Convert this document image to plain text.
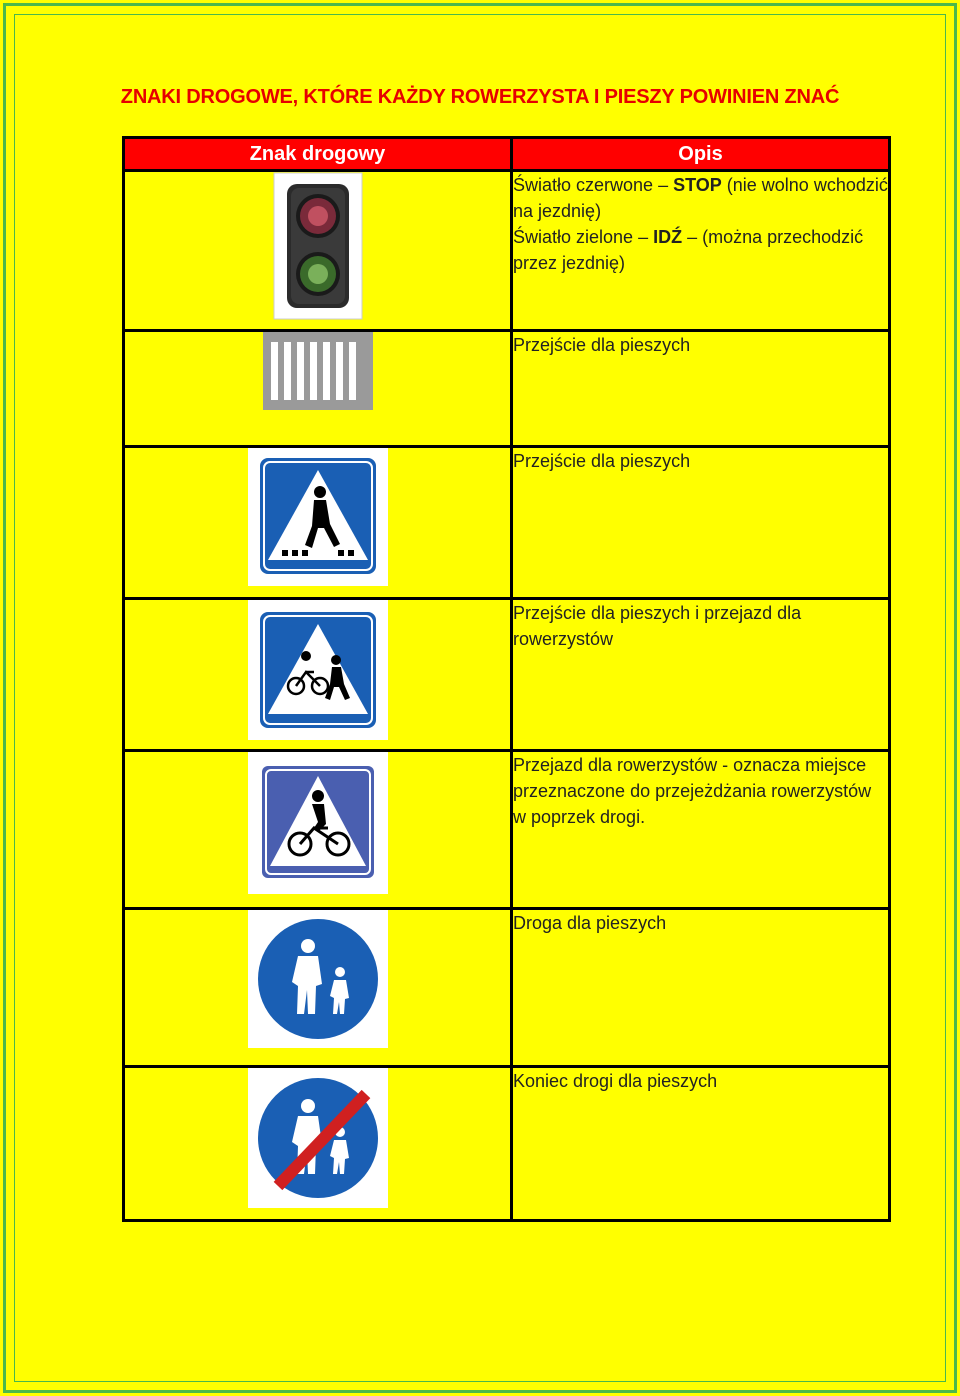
ZNAKI DROGOWE, KTÓRE KAŻDY ROWERZYSTA I PIESZY POWINIEN ZNAĆ
Znak drogowy	Opis
	Światło czerwone – STOP (nie wolno wchodzić na jezdnię)
Światło zielone – IDŹ – (można przechodzić przez jezdnię)
	Przejście dla pieszych
	Przejście dla pieszych
	Przejście dla pieszych i przejazd dla rowerzystów
	Przejazd dla rowerzystów - oznacza miejsce przeznaczone do przejeżdżania rowerzystów w poprzek drogi.
	Droga dla pieszych
	Koniec drogi dla pieszych
